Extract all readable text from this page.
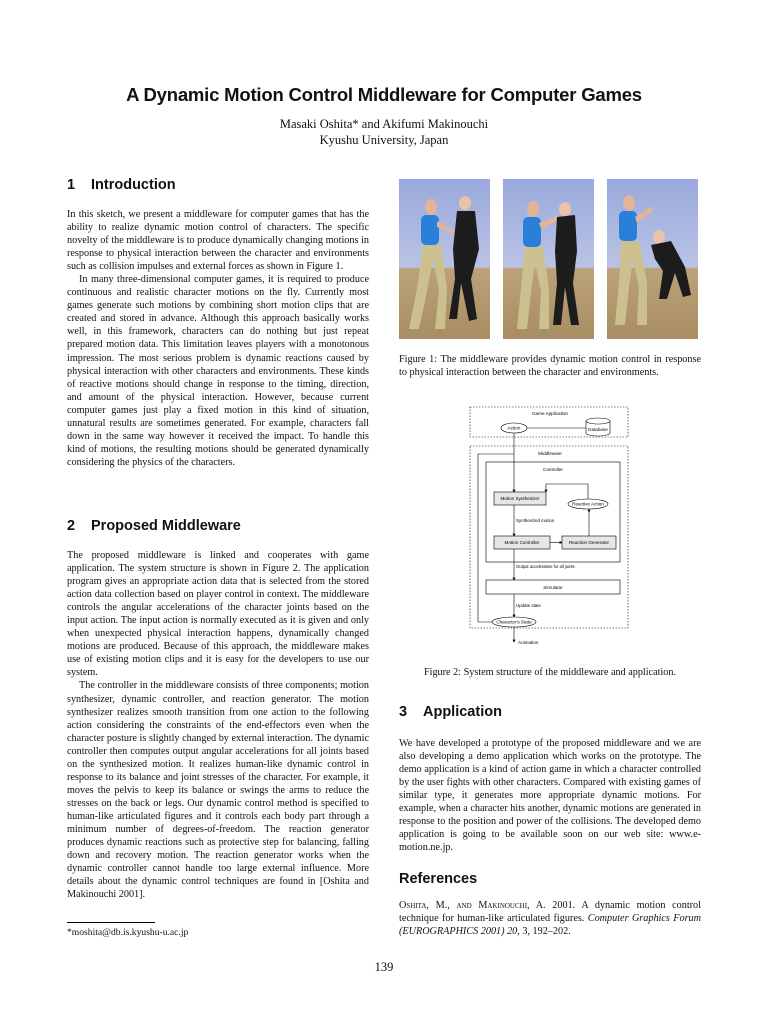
A Dynamic Motion Control Middleware for Computer Games
Masaki Oshita* and Akifumi Makinouchi
Kyushu University, Japan
1 Introduction

In this sketch, we present a middleware for computer games that has the ability to realize dynamic motion control of characters. The specific novelty of the middleware is to produce dynamically changing motions in response to physical interaction between the character and environments such as collision impulses and external forces as shown in Figure 1.

In many three-dimensional computer games, it is required to produce continuous and realistic character motions on the fly. Currently most games generate such motions by combining short motion clips that are created and stored in advance. Although this approach basically works well, in this framework, characters can do nothing but just repeat prepared motion data. This limitation leaves players with a monotonous impression. The most serious problem is dynamic reactions caused by physical interaction with other characters and environments. These kinds of reactive motions should change in response to the timing, direction, and amount of the physical interaction. However, because current computer games just play a fixed motion in this kind of situation, unnatural results are sometimes generated. For example, characters fall down in the same way however it received the impact. To handle this kind of motions, the resulting motions should be generated dynamically considering the physics of the characters.

2 Proposed Middleware

The proposed middleware is linked and cooperates with game application. The system structure is shown in Figure 2. The application program gives an appropriate action data that is selected from the stored action data collection based on player control in context. The middleware controls the angular accelerations of the character joints based on the input action. The input action is normally executed as it is given and only when unexpected physical interaction happens, dynamically changed motions are produced. Because of this approach, the middleware makes use of existing motion clips and it is easy for the developers to use our system.

The controller in the middleware consists of three components; motion synthesizer, dynamic controller, and reaction generator. The motion synthesizer realizes smooth transition from one action to the following action considering the constraints of the end-effectors even when the character posture is slightly changed by external interaction. The dynamic controller then computes output angular accelerations for all joints based on the synthesized motion. It realizes human-like dynamic control in response to its balance and joint stresses of the character. For example, it moves the pelvis to keep its balance or swings the arms to reduce the stresses on the back or legs. Our dynamic control method is specified to human-like articulated figures and it controls each body part through a minimum number of degrees-of-freedom. The reaction generator produces dynamic reactions such as protective step for balancing, falling down and recovery motion. The reaction generator works when the dynamic controller cannot handle too large external influence. More details about the dynamic control techniques are found in [Oshita and Makinouchi 2001].

*moshita@db.is.kyushu-u.ac.jp
Figure 1: The middleware provides dynamic motion control in response to physical interaction between the character and environments.
Game Application
Action	Database
Middleware
Controller
Motion Synthesizer
Reactive Action
Synthesized motion
Motion Controller	Reaction Generator
Output acceleration for all joints
Simulator
Update state
Character's State
Animation
Figure 2: System structure of the middleware and application.
3 Application

We have developed a prototype of the proposed middleware and we are also developing a demo application which works on the prototype. The demo application is a kind of action game in which a character controlled by the user fights with other characters. Compared with existing games of similar type, it generates more appropriate dynamic motions. For example, when a character hits another, dynamic motions are generated in response to the position and power of the collisions. The developed demo application is going to be available soon on our web site: www.e-motion.ne.jp.

References
Oshita, M., and Makinouchi, A. 2001. A dynamic motion control technique for human-like articulated figures. Computer Graphics Forum (EUROGRAPHICS 2001) 20, 3, 192–202.
139
